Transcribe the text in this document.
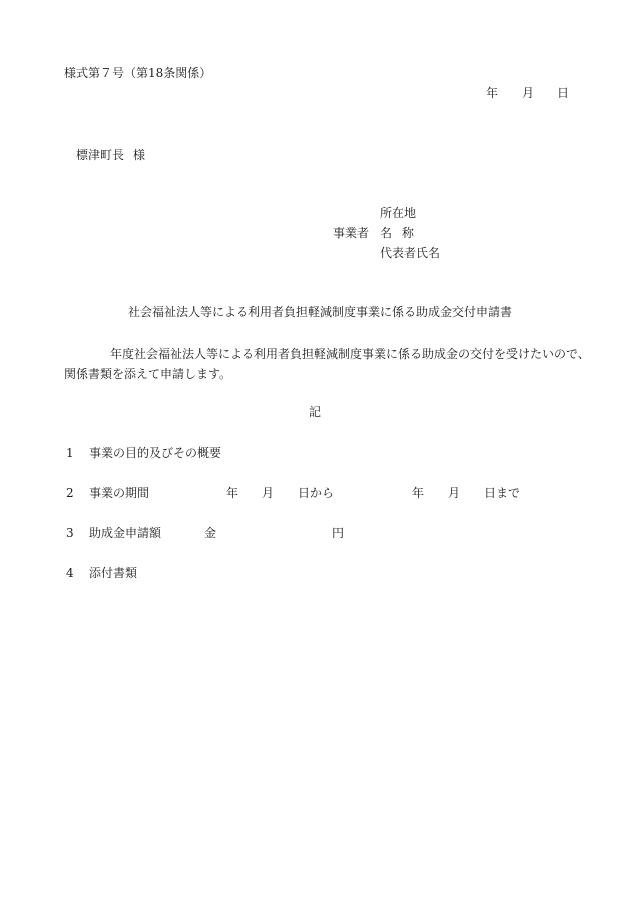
様式第７号（第18条関係）
年 月 日
標津町長 様
所在地
事業者 名 称
代表者氏名
社会福祉法人等による利用者負担軽減制度事業に係る助成金交付申請書
年度社会福祉法人等による利用者負担軽減制度事業に係る助成金の交付を受けたいので、
関係書類を添えて申請します。
記
1 事業の目的及びその概要
2 事業の期間	年 月 日から	年 月 日まで
3 助成金申請額	金	円
4 添付書類
